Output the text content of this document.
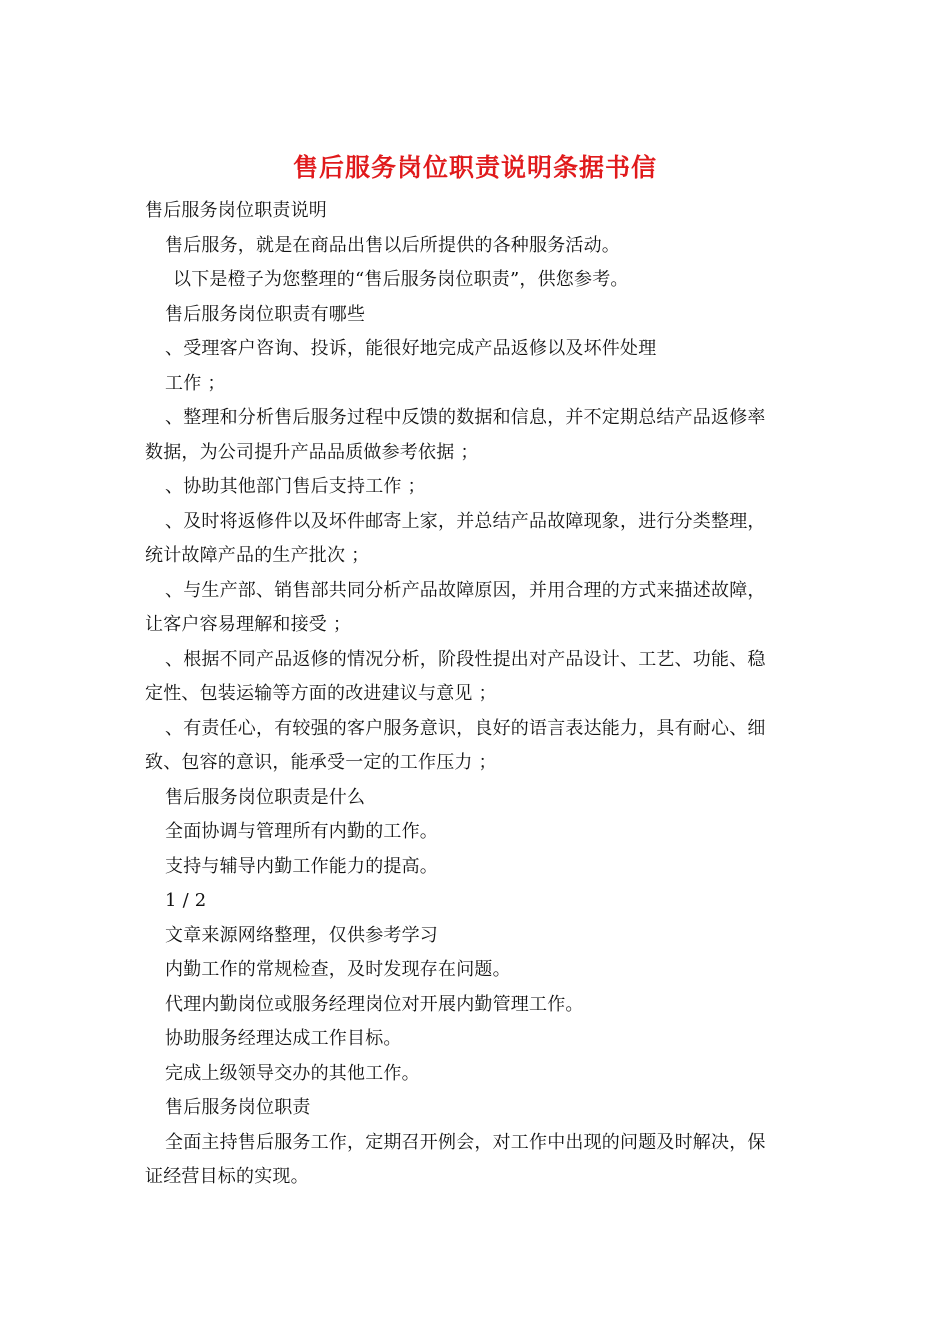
售后服务岗位职责说明条据书信
售后服务岗位职责说明
售后服务，就是在商品出售以后所提供的各种服务活动。
以下是橙子为您整理的“售后服务岗位职责”，供您参考。
售后服务岗位职责有哪些
、受理客户咨询、投诉，能很好地完成产品返修以及坏件处理
工作 ；
、整理和分析售后服务过程中反馈的数据和信息，并不定期总结产品返修率
数据，为公司提升产品品质做参考依据 ；
、协助其他部门售后支持工作 ；
、及时将返修件以及坏件邮寄上家，并总结产品故障现象，进行分类整理，
统计故障产品的生产批次 ；
、与生产部、销售部共同分析产品故障原因，并用合理的方式来描述故障，
让客户容易理解和接受 ；
、根据不同产品返修的情况分析，阶段性提出对产品设计、工艺、功能、稳
定性、包装运输等方面的改进建议与意见 ；
、有责任心，有较强的客户服务意识，良好的语言表达能力，具有耐心、细
致、包容的意识，能承受一定的工作压力 ；
售后服务岗位职责是什么
全面协调与管理所有内勤的工作。
支持与辅导内勤工作能力的提高。
1 / 2
文章来源网络整理，仅供参考学习
内勤工作的常规检查，及时发现存在问题。
代理内勤岗位或服务经理岗位对开展内勤管理工作。
协助服务经理达成工作目标。
完成上级领导交办的其他工作。
售后服务岗位职责
全面主持售后服务工作，定期召开例会，对工作中出现的问题及时解决，保
证经营目标的实现。
